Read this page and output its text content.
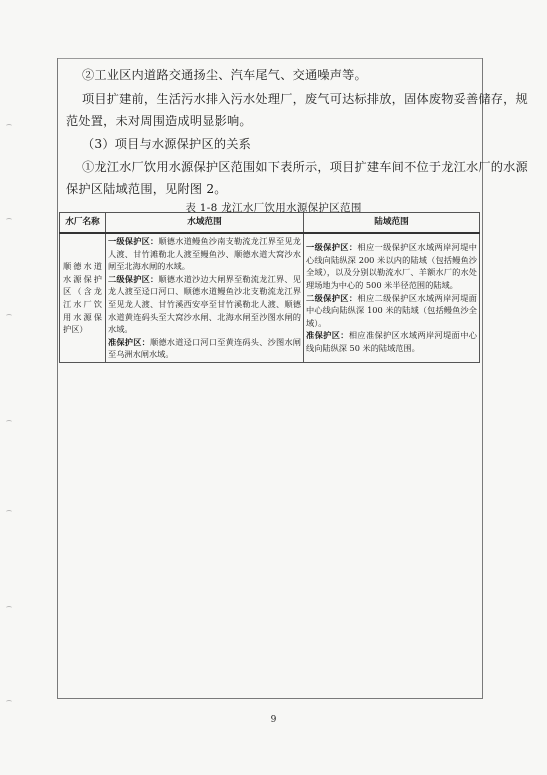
②工业区内道路交通扬尘、汽车尾气、交通噪声等。
项目扩建前，生活污水排入污水处理厂，废气可达标排放，固体废物妥善储存，规
范处置，未对周围造成明显影响。
（3）项目与水源保护区的关系
①龙江水厂饮用水源保护区范围如下表所示，项目扩建车间不位于龙江水厂的水源
保护区陆域范围，见附图 2。
表 1-8 龙江水厂饮用水源保护区范围
水厂名称	水域范围	陆域范围
顺德水道水源保护区（含龙江水厂饮用水源保护区）	一级保护区：顺德水道鳗鱼沙南支勒流龙江界至见龙人渡、甘竹滩勒北人渡至鳗鱼沙、顺德水道大窝沙水闸至北海水闸的水域。
二级保护区：顺德水道沙边大闸界至勒流龙江界、见龙人渡至迳口河口、顺德水道鳗鱼沙北支勒流龙江界至见龙人渡、甘竹溪西安亭至甘竹溪勒北人渡、顺德水道黄连码头至大窝沙水闸、北海水闸至沙图水闸的水域。
准保护区：顺德水道迳口河口至黄连码头、沙图水闸至乌洲水闸水域。	一级保护区：相应一级保护区水域两岸河堤中心线向陆纵深 200 米以内的陆域（包括鳗鱼沙全域），以及分别以勒流水厂、羊额水厂的水处理场地为中心的 500 米半径范围的陆域。
二级保护区：相应二级保护区水域两岸河堤面中心线向陆纵深 100 米的陆域（包括鳗鱼沙全域）。
准保护区：相应准保护区水域两岸河堤面中心线向陆纵深 50 米的陆域范围。
9
